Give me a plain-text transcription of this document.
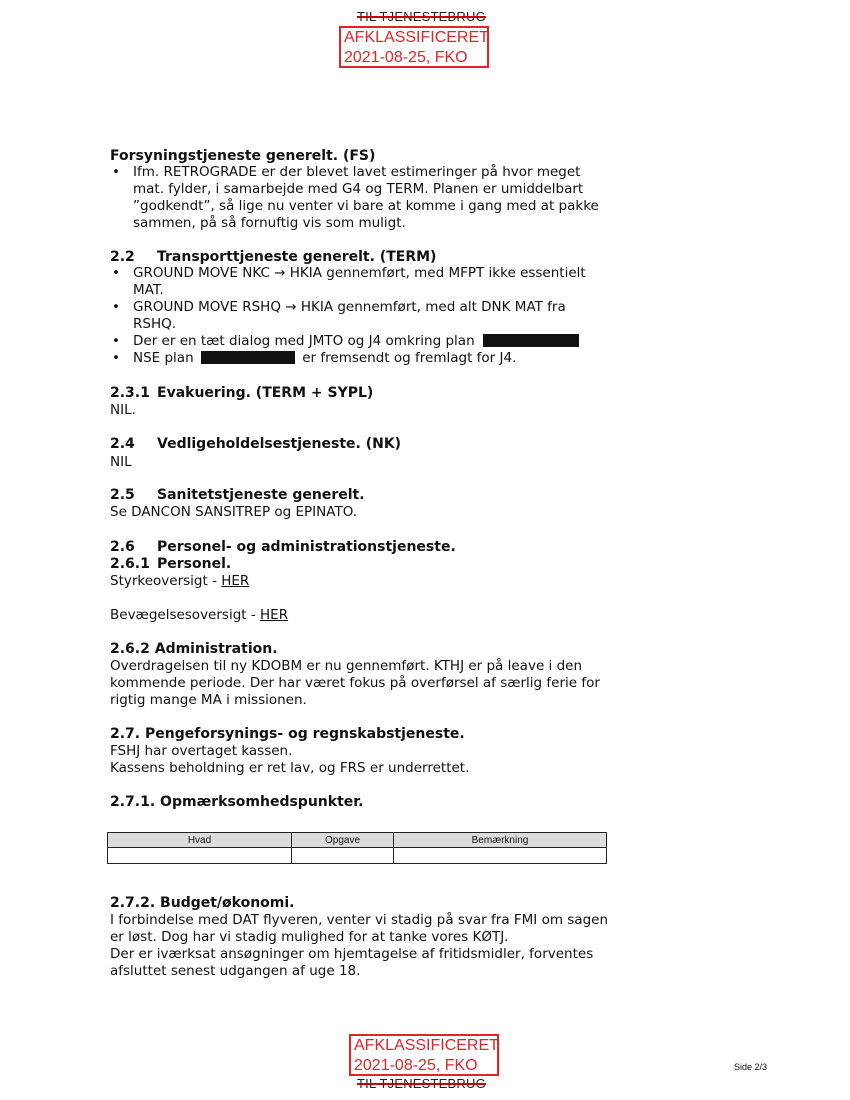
TIL TJENESTEBRUG
AFKLASSIFICERET
2021-08-25, FKO
Forsyningstjeneste generelt. (FS)
• Ifm. RETROGRADE er der blevet lavet estimeringer på hvor meget
mat. fylder, i samarbejde med G4 og TERM. Planen er umiddelbart
”godkendt”, så lige nu venter vi bare at komme i gang med at pakke
sammen, på så fornuftig vis som muligt.
2.2 Transporttjeneste generelt. (TERM)
• GROUND MOVE NKC → HKIA gennemført, med MFPT ikke essentielt
MAT.
• GROUND MOVE RSHQ → HKIA gennemført, med alt DNK MAT fra
RSHQ.
• Der er en tæt dialog med JMTO og J4 omkring plan
• NSE plan	er fremsendt og fremlagt for J4.
2.3.1 Evakuering. (TERM + SYPL)
NIL.
2.4 Vedligeholdelsestjeneste. (NK)
NIL
2.5 Sanitetstjeneste generelt.
Se DANCON SANSITREP og EPINATO.
2.6 Personel- og administrationstjeneste.
2.6.1 Personel.
Styrkeoversigt - HER
Bevægelsesoversigt - HER
2.6.2 Administration.
Overdragelsen til ny KDOBM er nu gennemført. KTHJ er på leave i den
kommende periode. Der har været fokus på overførsel af særlig ferie for
rigtig mange MA i missionen.
2.7. Pengeforsynings- og regnskabstjeneste.
FSHJ har overtaget kassen.
Kassens beholdning er ret lav, og FRS er underrettet.
2.7.1. Opmærksomhedspunkter.
Hvad	Opgave	Bemærkning

2.7.2. Budget/økonomi.
I forbindelse med DAT flyveren, venter vi stadig på svar fra FMI om sagen
er løst. Dog har vi stadig mulighed for at tanke vores KØTJ.
Der er iværksat ansøgninger om hjemtagelse af fritidsmidler, forventes
afsluttet senest udgangen af uge 18.
AFKLASSIFICERET
2021-08-25, FKO
TIL TJENESTEBRUG
Side 2/3
